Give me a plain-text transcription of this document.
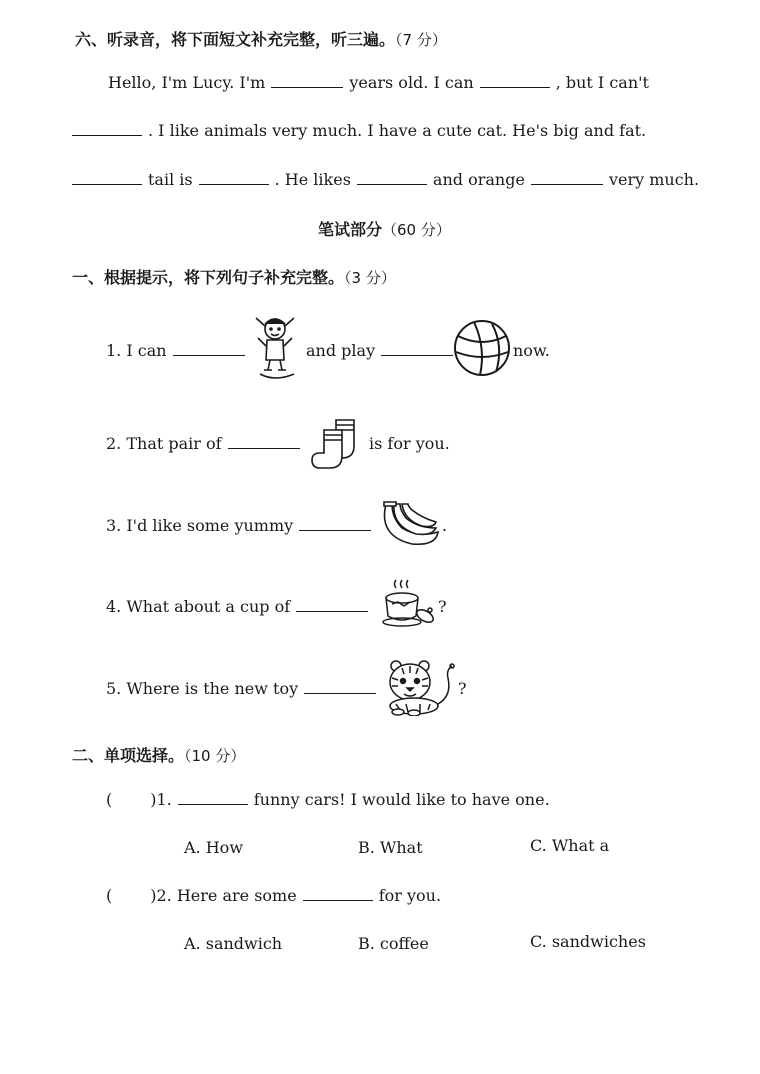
六、听录音，将下面短文补充完整，听三遍。（7 分）
Hello, I'm Lucy. I'm	years old. I can	, but I can't
. I like animals very much. I have a cute cat. He's big and fat.
tail is	. He likes	and orange	very much.
笔试部分（60 分）
一、根据提示，将下列句子补充完整。（3 分）
1. I can	and play	now.
2. That pair of	is for you.
3. I'd like some yummy	.
4. What about a cup of	?
5. Where is the new toy	?
二、单项选择。（10 分）
( )1.	funny cars! I would like to have one.
A. How	B. What	C. What a
( )2. Here are some	for you.
A. sandwich	B. coffee	C. sandwiches
